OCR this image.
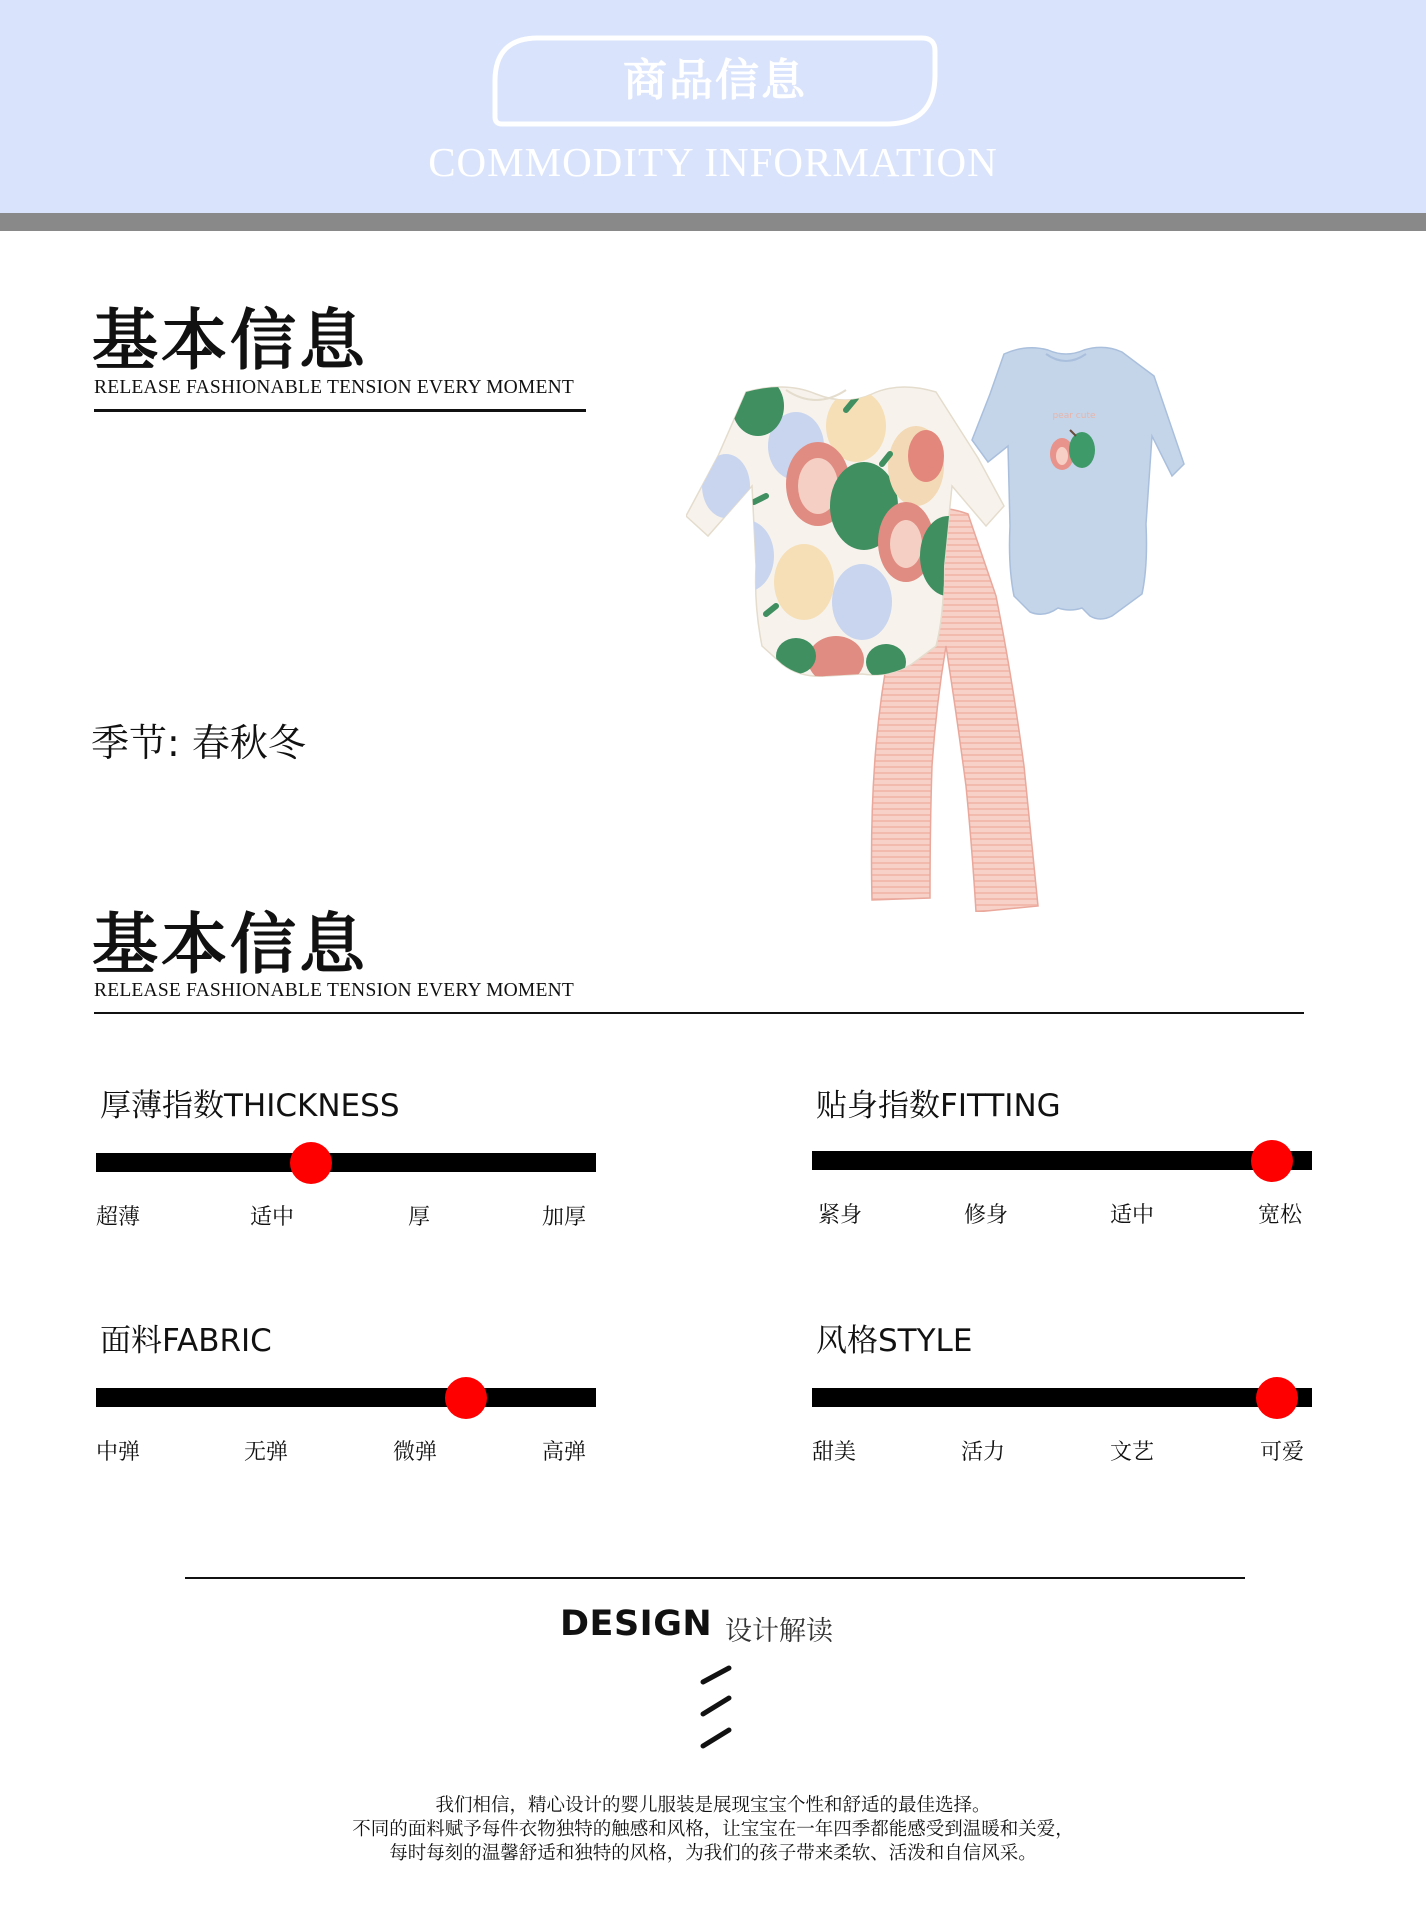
商品信息
COMMODITY INFORMATION
基本信息
RELEASE FASHIONABLE TENSION EVERY MOMENT
季节: 春秋冬
pear cute
基本信息
RELEASE FASHIONABLE TENSION EVERY MOMENT
厚薄指数THICKNESS
超薄	适中	厚	加厚
贴身指数FITTING
紧身	修身	适中	宽松
面料FABRIC
中弹	无弹	微弹	高弹
风格STYLE
甜美	活力	文艺	可爱
DESIGN 设计解读
我们相信，精心设计的婴儿服装是展现宝宝个性和舒适的最佳选择。
不同的面料赋予每件衣物独特的触感和风格，让宝宝在一年四季都能感受到温暖和关爱，
每时每刻的温馨舒适和独特的风格，为我们的孩子带来柔软、活泼和自信风采。
